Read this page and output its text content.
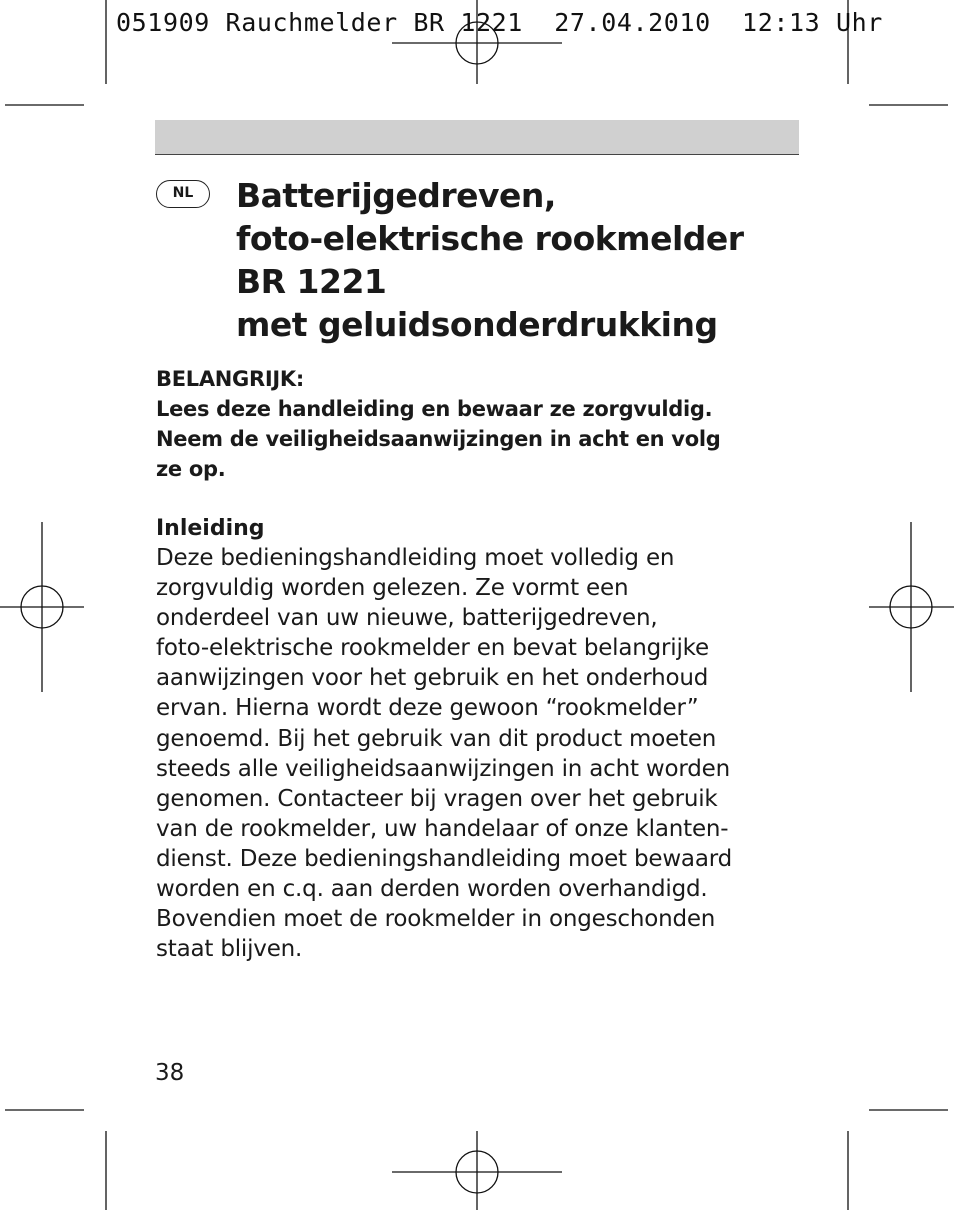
051909 Rauchmelder BR 1221  27.04.2010  12:13 Uhr
NL	Batterijgedreven,
foto-elektrische rookmelder
BR 1221
met geluidsonderdrukking

BELANGRIJK:
Lees deze handleiding en bewaar ze zorgvuldig.
Neem de veiligheidsaanwijzingen in acht en volg
ze op.

Inleiding

Deze bedieningshandleiding moet volledig en
zorgvuldig worden gelezen. Ze vormt een
onderdeel van uw nieuwe, batterijgedreven,
foto-elektrische rookmelder en bevat belangrijke
aanwijzingen voor het gebruik en het onderhoud
ervan. Hierna wordt deze gewoon “rookmelder”
genoemd. Bij het gebruik van dit product moeten
steeds alle veiligheidsaanwijzingen in acht worden
genomen. Contacteer bij vragen over het gebruik
van de rookmelder, uw handelaar of onze klanten-
dienst. Deze bedieningshandleiding moet bewaard
worden en c.q. aan derden worden overhandigd.
Bovendien moet de rookmelder in ongeschonden
staat blijven.

38
